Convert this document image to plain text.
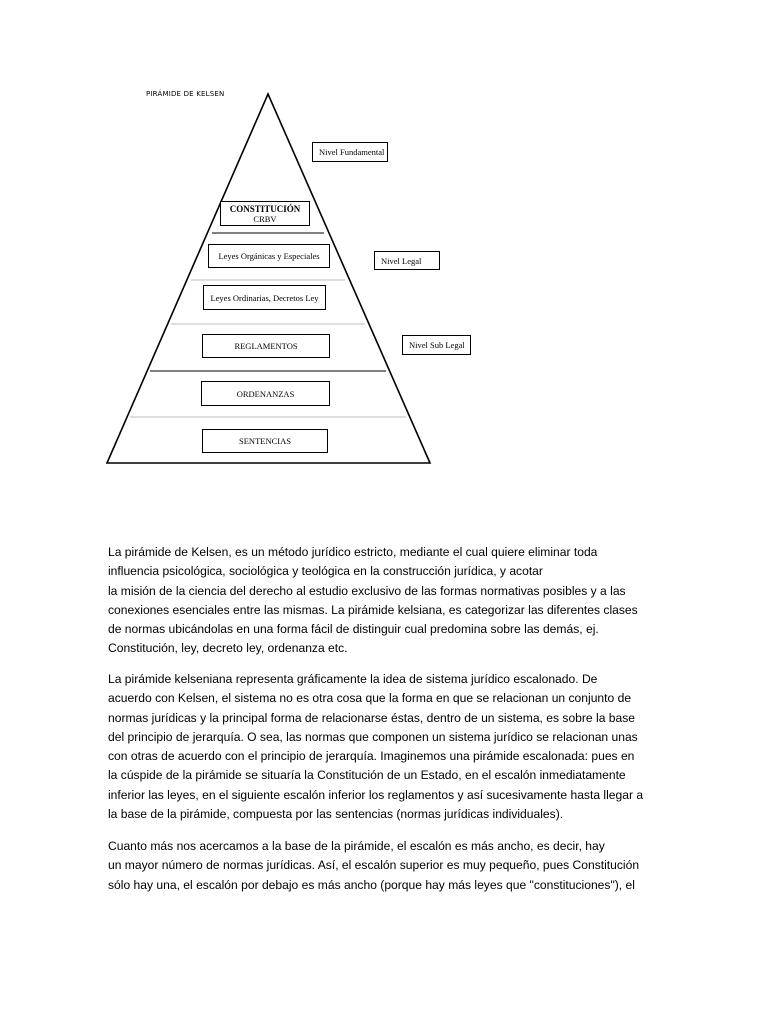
PIRÁMIDE DE KELSEN
CONSTITUCIÓN
CRBV
Leyes Orgánicas y Especiales
Leyes Ordinarias, Decretos Ley
REGLAMENTOS
ORDENANZAS
SENTENCIAS
Nivel Fundamental
Nivel Legal
Nivel Sub Legal

La pirámide de Kelsen, es un método jurídico estricto, mediante el cual quiere eliminar toda
influencia psicológica, sociológica y teológica en la construcción jurídica, y acotar
la misión de la ciencia del derecho al estudio exclusivo de las formas normativas posibles y a las
conexiones esenciales entre las mismas. La pirámide kelsiana, es categorizar las diferentes clases
de normas ubicándolas en una forma fácil de distinguir cual predomina sobre las demás, ej.
Constitución, ley, decreto ley, ordenanza etc.

La pirámide kelseniana representa gráficamente la idea de sistema jurídico escalonado. De
acuerdo con Kelsen, el sistema no es otra cosa que la forma en que se relacionan un conjunto de
normas jurídicas y la principal forma de relacionarse éstas, dentro de un sistema, es sobre la base
del principio de jerarquía. O sea, las normas que componen un sistema jurídico se relacionan unas
con otras de acuerdo con el principio de jerarquía. Imaginemos una pirámide escalonada: pues en
la cúspide de la pirámide se situaría la Constitución de un Estado, en el escalón inmediatamente
inferior las leyes, en el siguiente escalón inferior los reglamentos y así sucesivamente hasta llegar a
la base de la pirámide, compuesta por las sentencias (normas jurídicas individuales).

Cuanto más nos acercamos a la base de la pirámide, el escalón es más ancho, es decir, hay
un mayor número de normas jurídicas. Así, el escalón superior es muy pequeño, pues Constitución
sólo hay una, el escalón por debajo es más ancho (porque hay más leyes que "constituciones"), el
